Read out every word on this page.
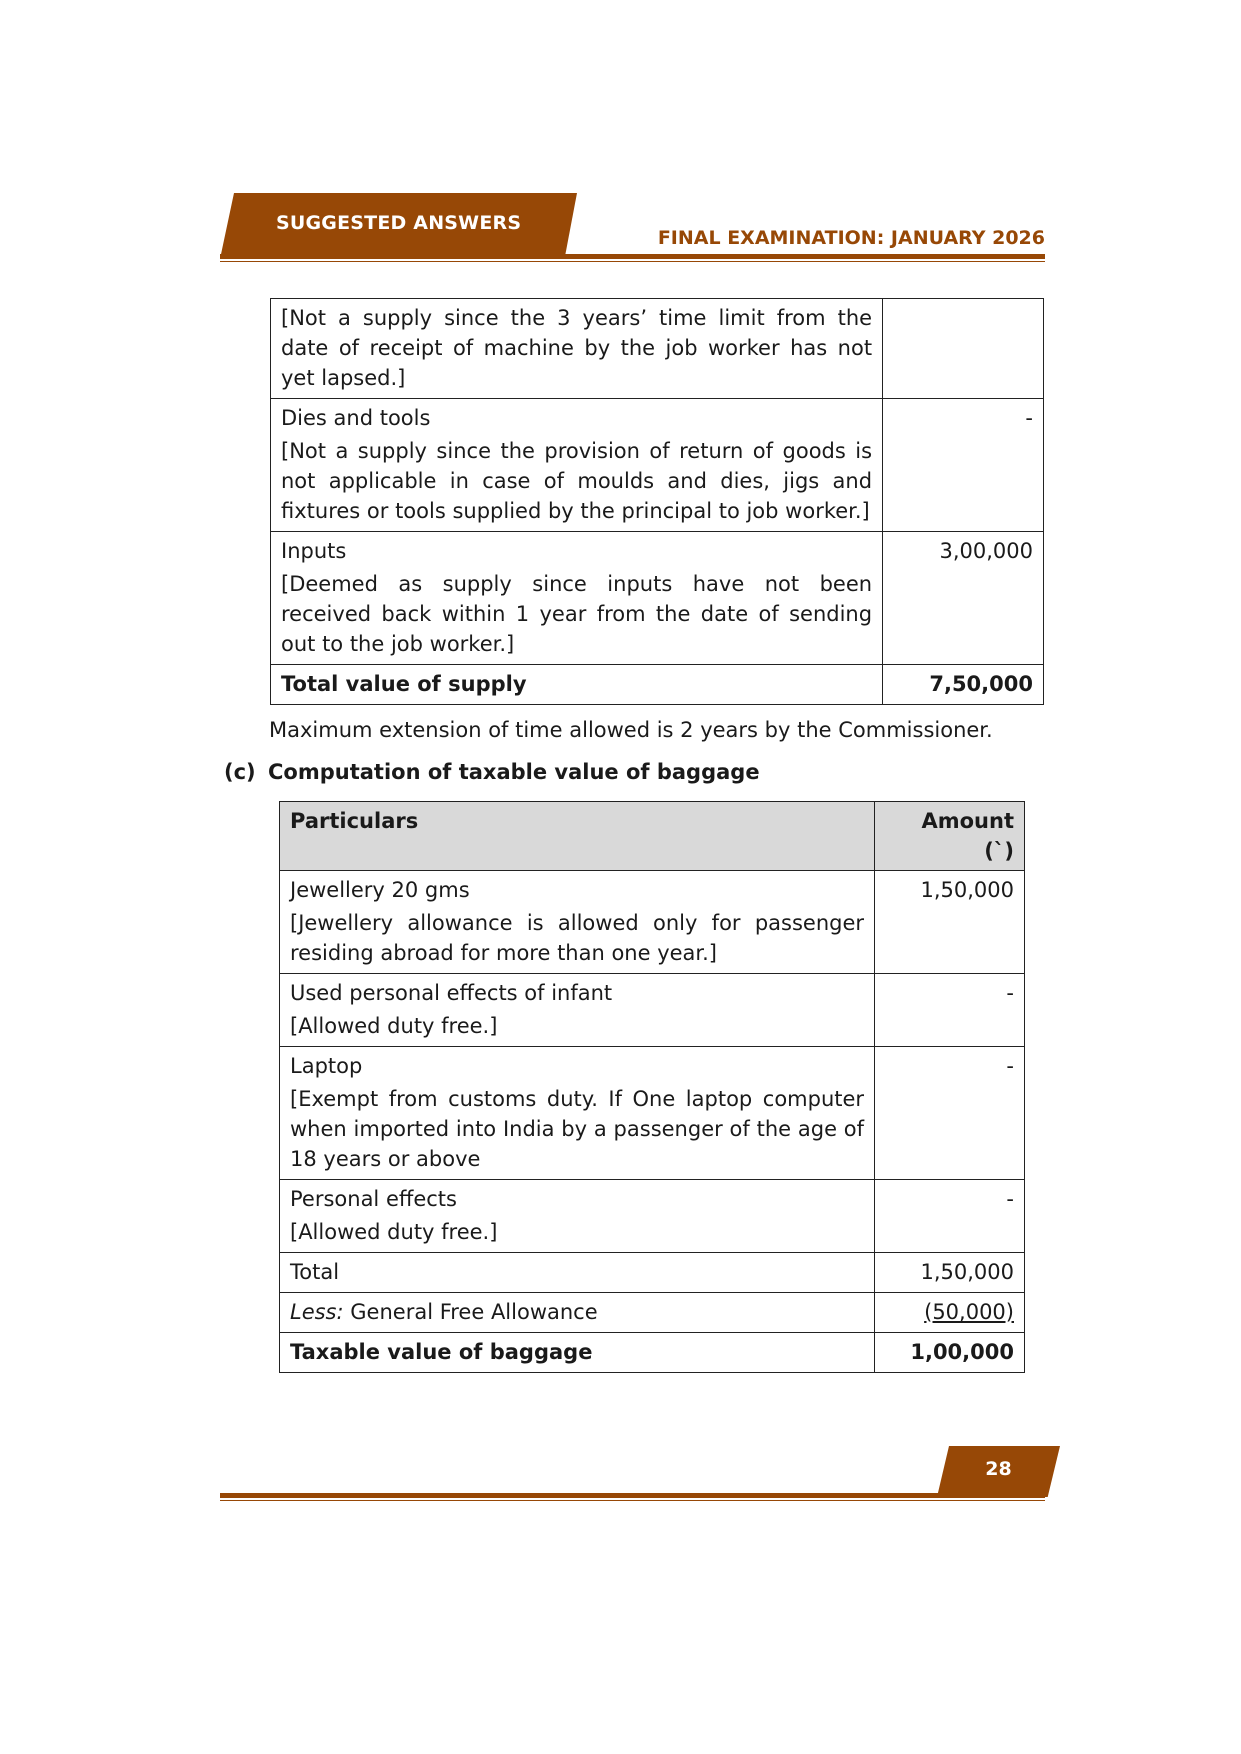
SUGGESTED ANSWERS
FINAL EXAMINATION: JANUARY 2026
[Not a supply since the 3 years’ time limit from the date of receipt of machine by the job worker has not yet lapsed.]	

Dies and tools
[Not a supply since the provision of return of goods is not applicable in case of moulds and dies, jigs and fixtures or tools supplied by the principal to job worker.]	-

Inputs
[Deemed as supply since inputs have not been received back within 1 year from the date of sending out to the job worker.]	3,00,000
Total value of supply	7,50,000
Maximum extension of time allowed is 2 years by the Commissioner.
(c) Computation of taxable value of baggage
Particulars	Amount (`)

Jewellery 20 gms
[Jewellery allowance is allowed only for passenger residing abroad for more than one year.]	1,50,000

Used personal effects of infant
[Allowed duty free.]	-

Laptop
[Exempt from customs duty. If One laptop computer when imported into India by a passenger of the age of 18 years or above	-

Personal effects
[Allowed duty free.]	-
Total	1,50,000
Less: General Free Allowance	(50,000)
Taxable value of baggage	1,00,000
28
